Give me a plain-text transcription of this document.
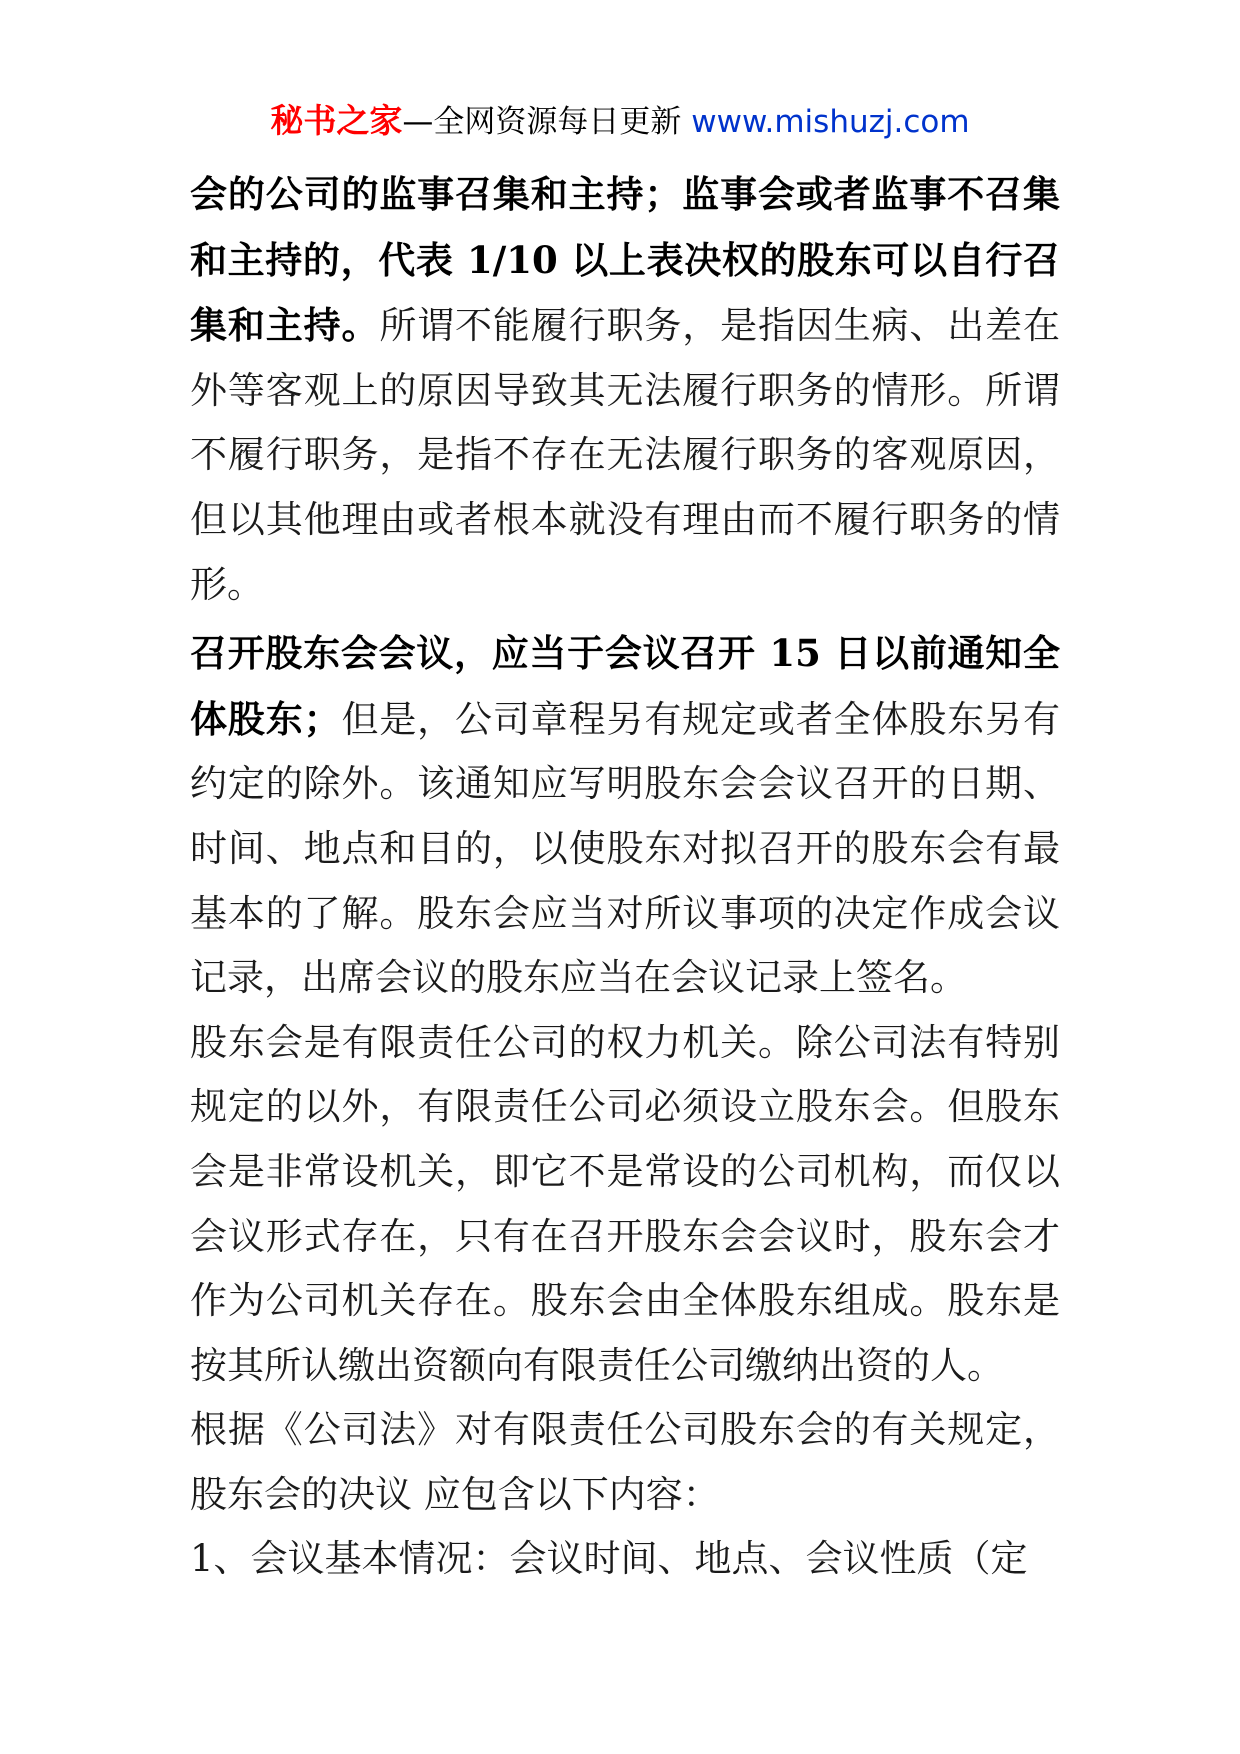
秘书之家—全网资源每日更新 www.mishuzj.com

会的公司的监事召集和主持；监事会或者监事不召集和主持的，代表 1/10 以上表决权的股东可以自行召集和主持。所谓不能履行职务，是指因生病、出差在外等客观上的原因导致其无法履行职务的情形。所谓不履行职务，是指不存在无法履行职务的客观原因，但以其他理由或者根本就没有理由而不履行职务的情形。

召开股东会会议，应当于会议召开 15 日以前通知全体股东；但是，公司章程另有规定或者全体股东另有约定的除外。该通知应写明股东会会议召开的日期、时间、地点和目的，以使股东对拟召开的股东会有最基本的了解。股东会应当对所议事项的决定作成会议记录，出席会议的股东应当在会议记录上签名。

股东会是有限责任公司的权力机关。除公司法有特别规定的以外，有限责任公司必须设立股东会。但股东会是非常设机关，即它不是常设的公司机构，而仅以会议形式存在，只有在召开股东会会议时，股东会才作为公司机关存在。股东会由全体股东组成。股东是按其所认缴出资额向有限责任公司缴纳出资的人。

根据《公司法》对有限责任公司股东会的有关规定，股东会的决议 应包含以下内容：

1、会议基本情况：会议时间、地点、会议性质（定
